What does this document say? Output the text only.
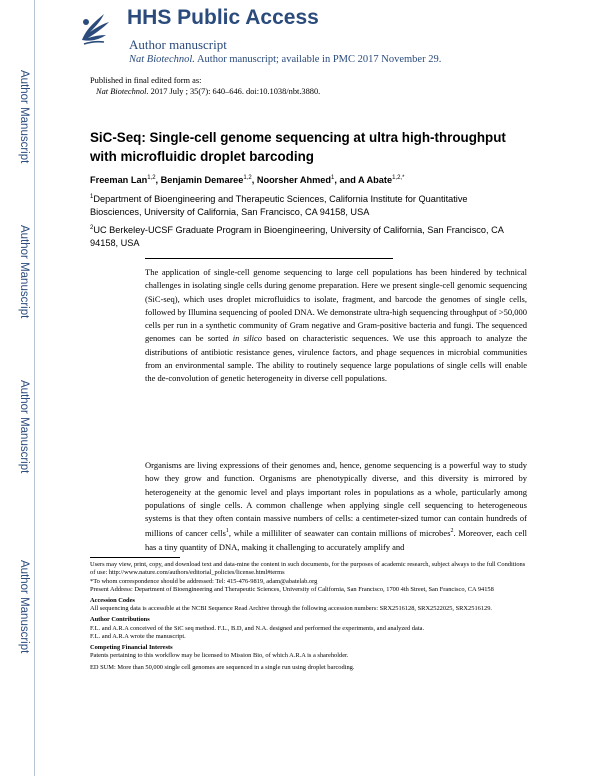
Author Manuscript
Author Manuscript
Author Manuscript
Author Manuscript
HHS Public Access
Author manuscript
Nat Biotechnol. Author manuscript; available in PMC 2017 November 29.
Published in final edited form as:
Nat Biotechnol. 2017 July ; 35(7): 640–646. doi:10.1038/nbt.3880.
SiC-Seq: Single-cell genome sequencing at ultra high-throughput with microfluidic droplet barcoding
Freeman Lan$^{1,2}$, Benjamin Demaree$^{1,2}$, Noorsher Ahmed$^1$, and A Abate$^{1,2,*}$
$^1$Department of Bioengineering and Therapeutic Sciences, California Institute for Quantitative Biosciences, University of California, San Francisco, CA 94158, USA
$^2$UC Berkeley-UCSF Graduate Program in Bioengineering, University of California, San Francisco, CA 94158, USA

The application of single-cell genome sequencing to large cell populations has been hindered by technical challenges in isolating single cells during genome preparation. Here we present single-cell genomic sequencing (SiC-seq), which uses droplet microfluidics to isolate, fragment, and barcode the genomes of single cells, followed by Illumina sequencing of pooled DNA. We demonstrate ultra-high sequencing throughput of >50,000 cells per run in a synthetic community of Gram negative and Gram-positive bacteria and fungi. The sequenced genomes can be sorted in silico based on characteristic sequences. We use this approach to analyze the distributions of antibiotic resistance genes, virulence factors, and phage sequences in microbial communities from an environmental sample. The ability to routinely sequence large populations of single cells will enable the de-convolution of genetic heterogeneity in diverse cell populations.

Organisms are living expressions of their genomes and, hence, genome sequencing is a powerful way to study how they grow and function. Organisms are phenotypically diverse, and this diversity is mirrored by heterogeneity at the genomic level and plays important roles in populations as a whole, particularly among populations of single cells. A common challenge when applying single cell sequencing to heterogeneous systems is that they often contain massive numbers of cells: a centimeter-sized tumor can contain hundreds of millions of cancer cells$^1$, while a milliliter of seawater can contain millions of microbes$^2$. Moreover, each cell has a tiny quantity of DNA, making it challenging to accurately amplify and

Users may view, print, copy, and download text and data-mine the content in such documents, for the purposes of academic research, subject always to the full Conditions of use: http://www.nature.com/authors/editorial_policies/license.html#terms
*To whom correspondence should be addressed: Tel: 415-476-9819, adam@abatelab.org
Present Address: Department of Bioengineering and Therapeutic Sciences, University of California, San Francisco, 1700 4th Street, San Francisco, CA 94158
Accession Codes
All sequencing data is accessible at the NCBI Sequence Read Archive through the following accession numbers: SRX2516128, SRX2522025, SRX2516129.
Author Contributions
F.L. and A.R.A conceived of the SiC seq method. F.L., B.D, and N.A. designed and performed the experiments, and analyzed data.
F.L. and A.R.A wrote the manuscript.
Competing Financial Interests
Patents pertaining to this workflow may be licensed to Mission Bio, of which A.R.A is a shareholder.
ED SUM: More than 50,000 single cell genomes are sequenced in a single run using droplet barcoding.
